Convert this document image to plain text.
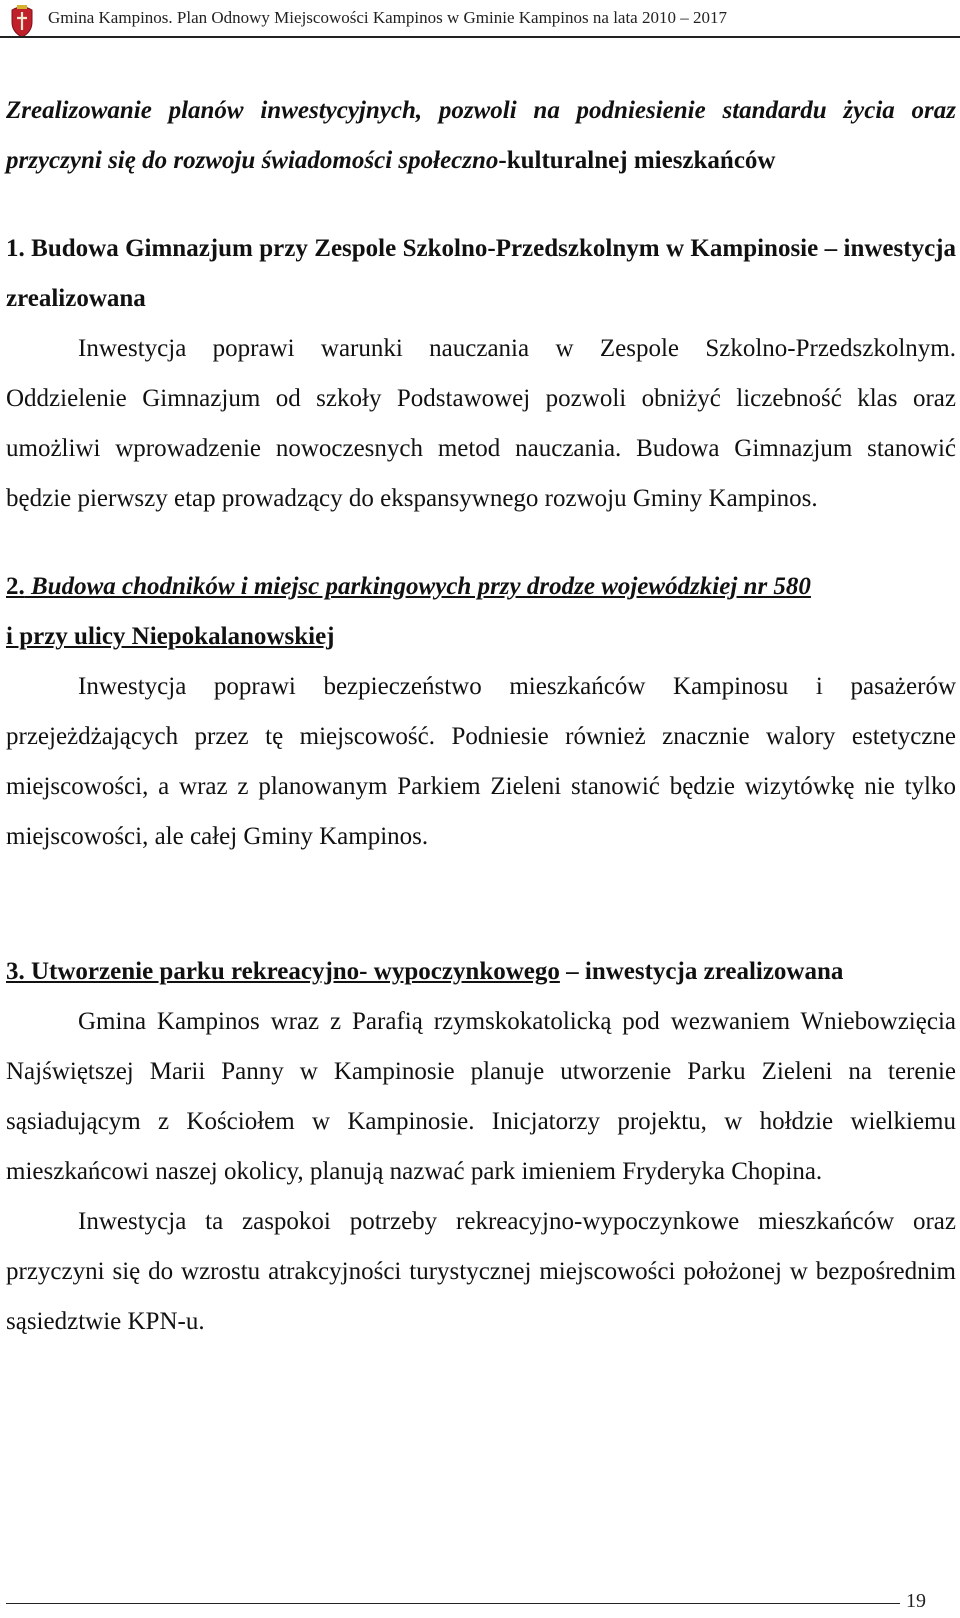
Gmina Kampinos. Plan Odnowy Miejscowości Kampinos w Gminie Kampinos na lata 2010 – 2017

Zrealizowanie planów inwestycyjnych, pozwoli na podniesienie standardu życia oraz przyczyni się do rozwoju świadomości społeczno-kulturalnej mieszkańców

1. Budowa Gimnazjum przy Zespole Szkolno-Przedszkolnym w Kampinosie – inwestycja zrealizowana

Inwestycja poprawi warunki nauczania w Zespole Szkolno-Przedszkolnym. Oddzielenie Gimnazjum od szkoły Podstawowej pozwoli obniżyć liczebność klas oraz umożliwi wprowadzenie nowoczesnych metod nauczania. Budowa Gimnazjum stanowić będzie pierwszy etap prowadzący do ekspansywnego rozwoju Gminy Kampinos.

2. Budowa chodników i miejsc parkingowych przy drodze wojewódzkiej nr 580

i przy ulicy Niepokalanowskiej

Inwestycja poprawi bezpieczeństwo mieszkańców Kampinosu i pasażerów przejeżdżających przez tę miejscowość. Podniesie również znacznie walory estetyczne miejscowości, a wraz z planowanym Parkiem Zieleni stanowić będzie wizytówkę nie tylko miejscowości, ale całej Gminy Kampinos.

3. Utworzenie parku rekreacyjno- wypoczynkowego – inwestycja zrealizowana

Gmina Kampinos wraz z Parafią rzymskokatolicką pod wezwaniem Wniebowzięcia Najświętszej Marii Panny w Kampinosie planuje utworzenie Parku Zieleni na terenie sąsiadującym z Kościołem w Kampinosie. Inicjatorzy projektu, w hołdzie wielkiemu mieszkańcowi naszej okolicy, planują nazwać park imieniem Fryderyka Chopina.

Inwestycja ta zaspokoi potrzeby rekreacyjno-wypoczynkowe mieszkańców oraz przyczyni się do wzrostu atrakcyjności turystycznej miejscowości położonej w bezpośrednim sąsiedztwie KPN-u.

19
